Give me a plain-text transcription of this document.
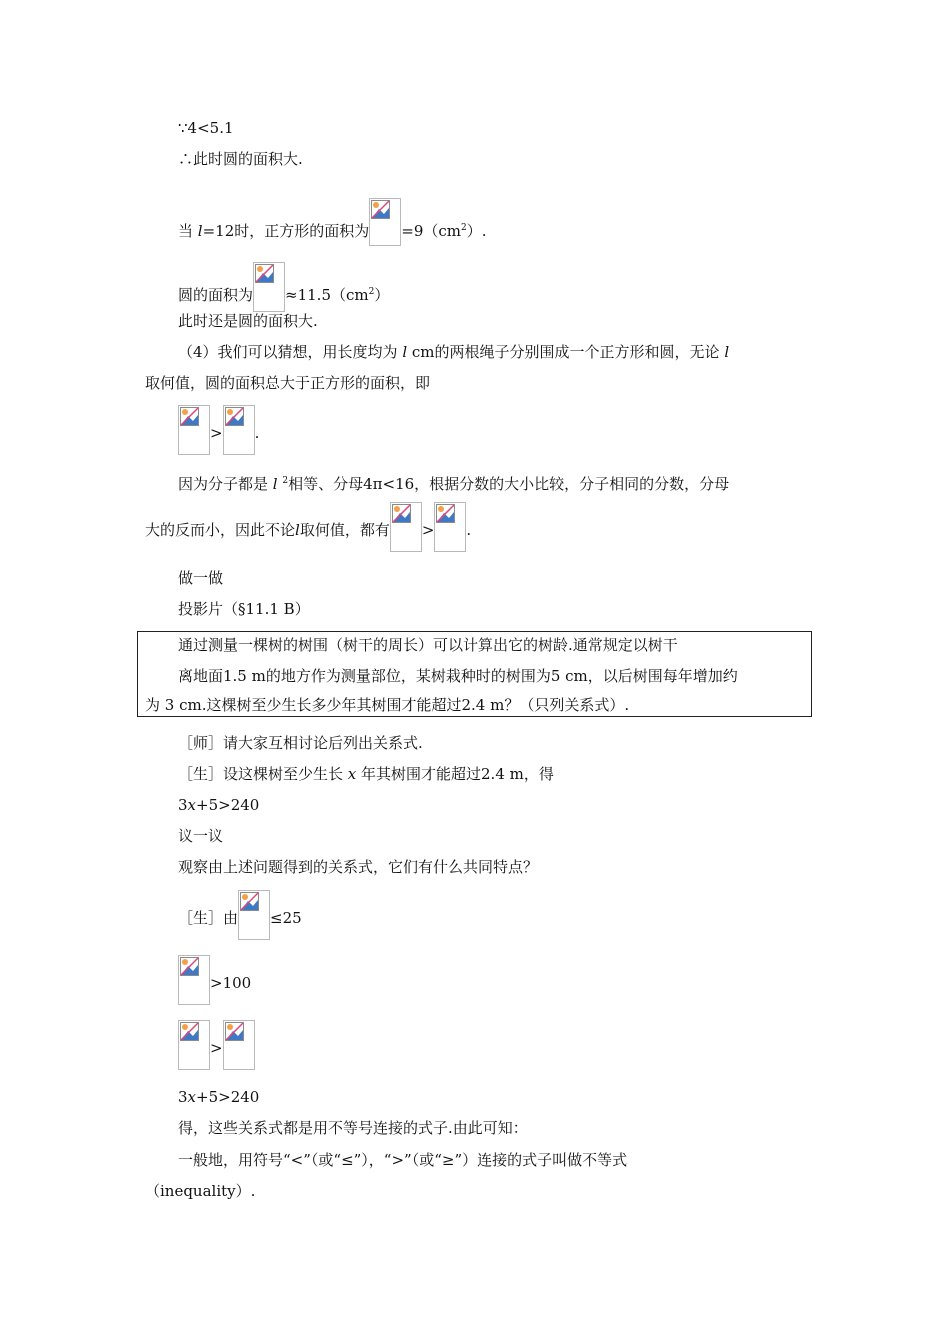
∵4<5.1
∴此时圆的面积大.
当 l=12时，正方形的面积为 $=9(cm^2)$.
圆的面积为 $\approx 11.5(cm^2)$
此时还是圆的面积大.
（4）我们可以猜想，用长度均为 l cm的两根绳子分别围成一个正方形和圆，无论 l
取何值，圆的面积总大于正方形的面积，即
> .
因为分子都是 l $^2$相等、分母4π<16，根据分数的大小比较，分子相同的分数，分母
大的反而小，因此不论l取何值，都有 > .
做一做
投影片（§11.1 B）
通过测量一棵树的树围（树干的周长）可以计算出它的树龄.通常规定以树干
离地面1.5 m的地方作为测量部位，某树栽种时的树围为5 cm，以后树围每年增加约
为 3 cm.这棵树至少生长多少年其树围才能超过2.4 m？（只列关系式）.
［师］请大家互相讨论后列出关系式.
［生］设这棵树至少生长 x 年其树围才能超过2.4 m，得
3x+5>240
议一议
观察由上述问题得到的关系式，它们有什么共同特点？
［生］由 ≤25
>100
>
3x+5>240
得，这些关系式都是用不等号连接的式子.由此可知：
一般地，用符号“<”（或“≤”），“>”（或“≥”）连接的式子叫做不等式
（inequality）.
